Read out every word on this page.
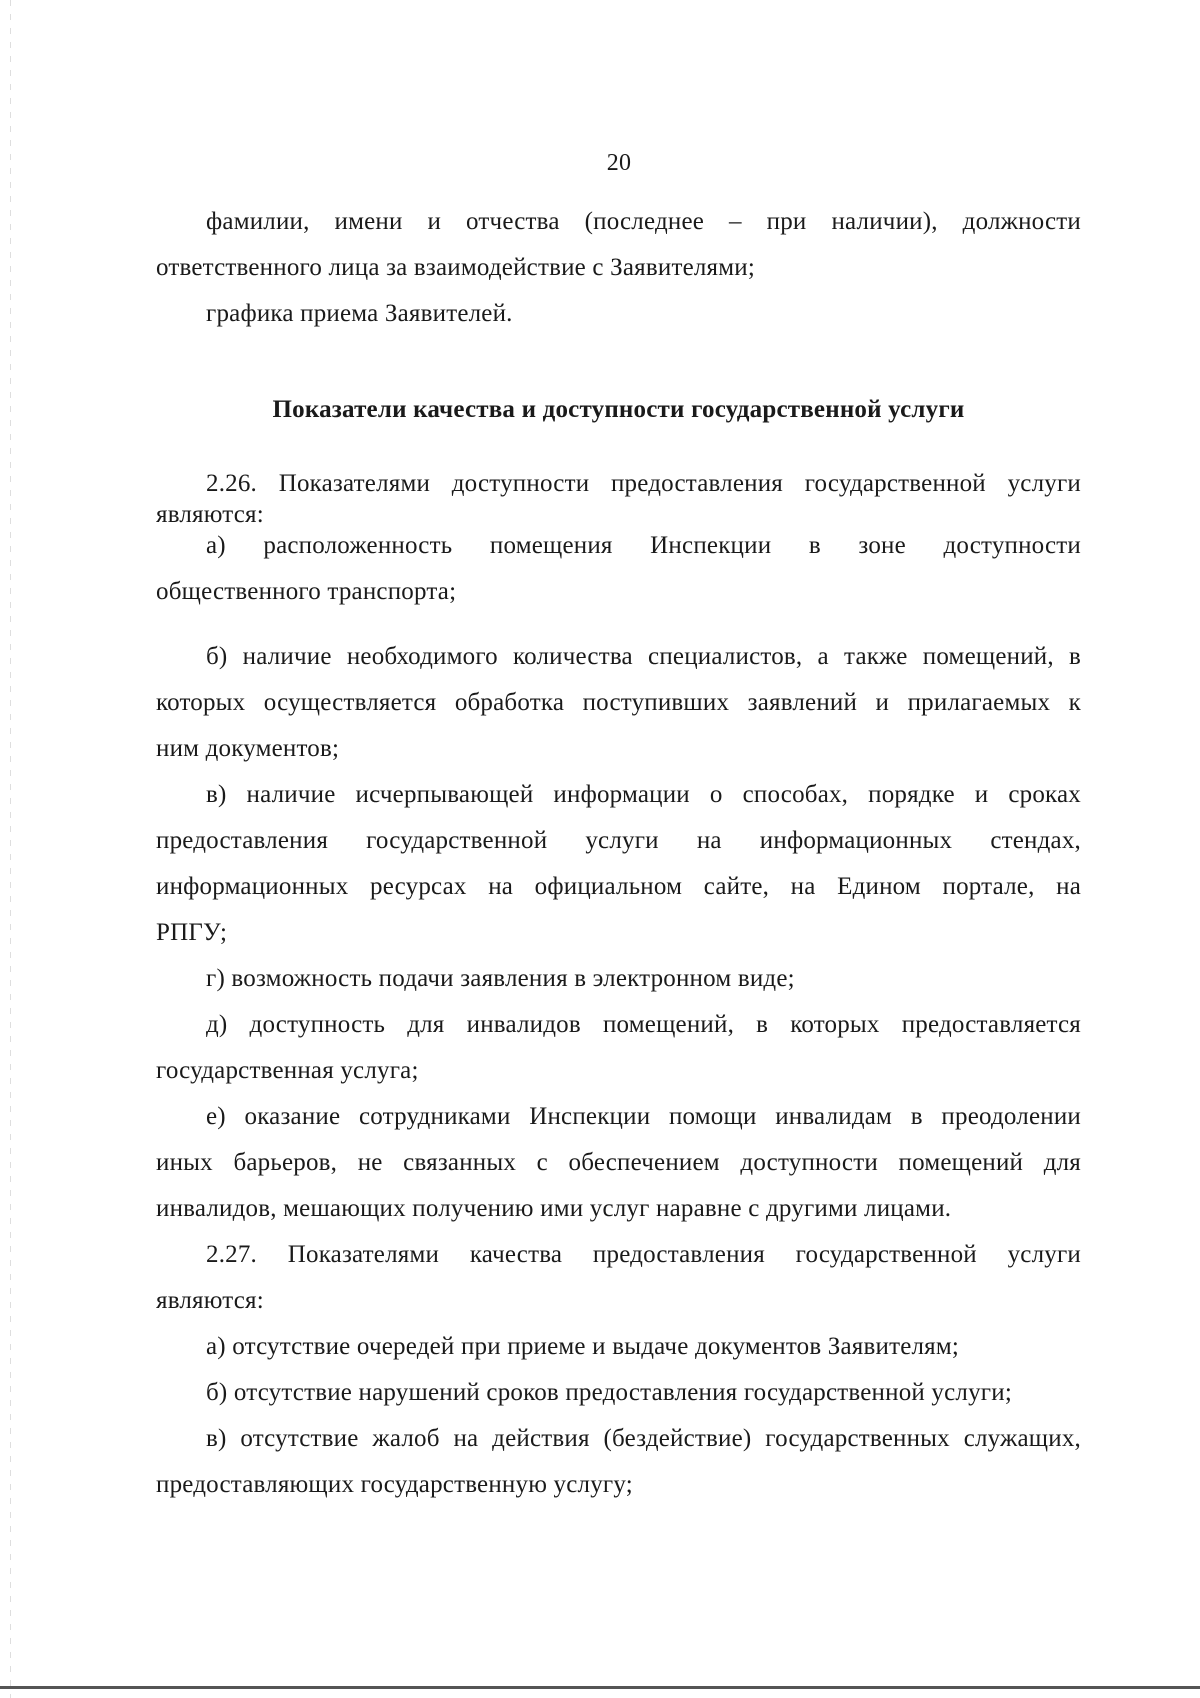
20
фамилии, имени и отчества (последнее – при наличии), должности
ответственного лица за взаимодействие с Заявителями;
графика приема Заявителей.
Показатели качества и доступности государственной услуги
2.26. Показателями доступности предоставления государственной услуги
являются:
а) расположенность помещения Инспекции в зоне доступности
общественного транспорта;
б) наличие необходимого количества специалистов, а также помещений, в
которых осуществляется обработка поступивших заявлений и прилагаемых к
ним документов;
в) наличие исчерпывающей информации о способах, порядке и сроках
предоставления государственной услуги на информационных стендах,
информационных ресурсах на официальном сайте, на Едином портале, на
РПГУ;
г) возможность подачи заявления в электронном виде;
д) доступность для инвалидов помещений, в которых предоставляется
государственная услуга;
е) оказание сотрудниками Инспекции помощи инвалидам в преодолении
иных барьеров, не связанных с обеспечением доступности помещений для
инвалидов, мешающих получению ими услуг наравне с другими лицами.
2.27. Показателями качества предоставления государственной услуги
являются:
а) отсутствие очередей при приеме и выдаче документов Заявителям;
б) отсутствие нарушений сроков предоставления государственной услуги;
в) отсутствие жалоб на действия (бездействие) государственных служащих,
предоставляющих государственную услугу;
